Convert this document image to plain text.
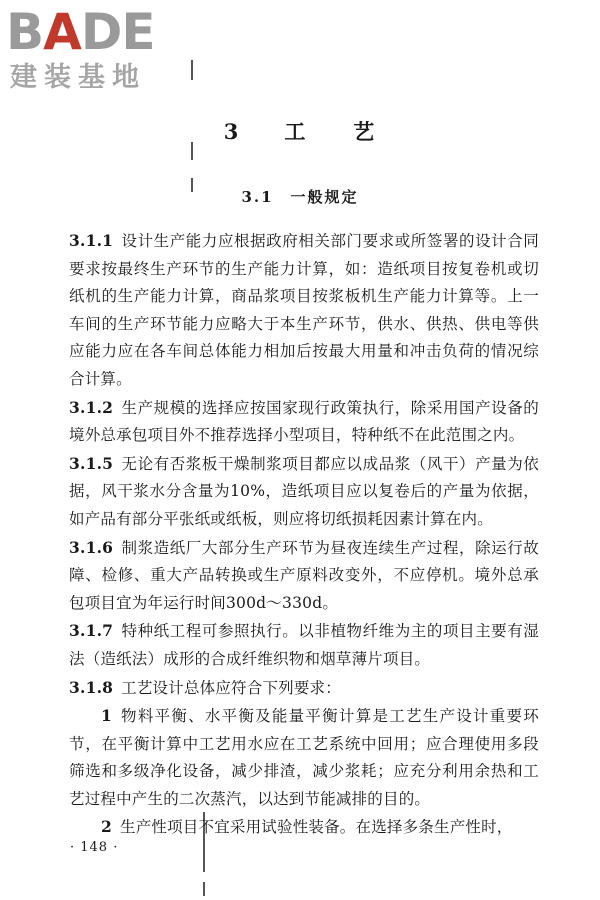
BADE
建装基地
3 工　　艺
3.1　一般规定

3.1.1 设计生产能力应根据政府相关部门要求或所签署的设计合同要求按最终生产环节的生产能力计算，如：造纸项目按复卷机或切纸机的生产能力计算，商品浆项目按浆板机生产能力计算等。上一车间的生产环节能力应略大于本生产环节，供水、供热、供电等供应能力应在各车间总体能力相加后按最大用量和冲击负荷的情况综合计算。

3.1.2 生产规模的选择应按国家现行政策执行，除采用国产设备的境外总承包项目外不推荐选择小型项目，特种纸不在此范围之内。

3.1.5 无论有否浆板干燥制浆项目都应以成品浆（风干）产量为依据，风干浆水分含量为10%，造纸项目应以复卷后的产量为依据，如产品有部分平张纸或纸板，则应将切纸损耗因素计算在内。

3.1.6 制浆造纸厂大部分生产环节为昼夜连续生产过程，除运行故障、检修、重大产品转换或生产原料改变外，不应停机。境外总承包项目宜为年运行时间300d～330d。

3.1.7 特种纸工程可参照执行。以非植物纤维为主的项目主要有湿法（造纸法）成形的合成纤维织物和烟草薄片项目。

3.1.8 工艺设计总体应符合下列要求：

1 物料平衡、水平衡及能量平衡计算是工艺生产设计重要环节，在平衡计算中工艺用水应在工艺系统中回用；应合理使用多段筛选和多级净化设备，减少排渣，减少浆耗；应充分利用余热和工艺过程中产生的二次蒸汽，以达到节能减排的目的。

2 生产性项目不宜采用试验性装备。在选择多条生产性时，

· 148 ·
